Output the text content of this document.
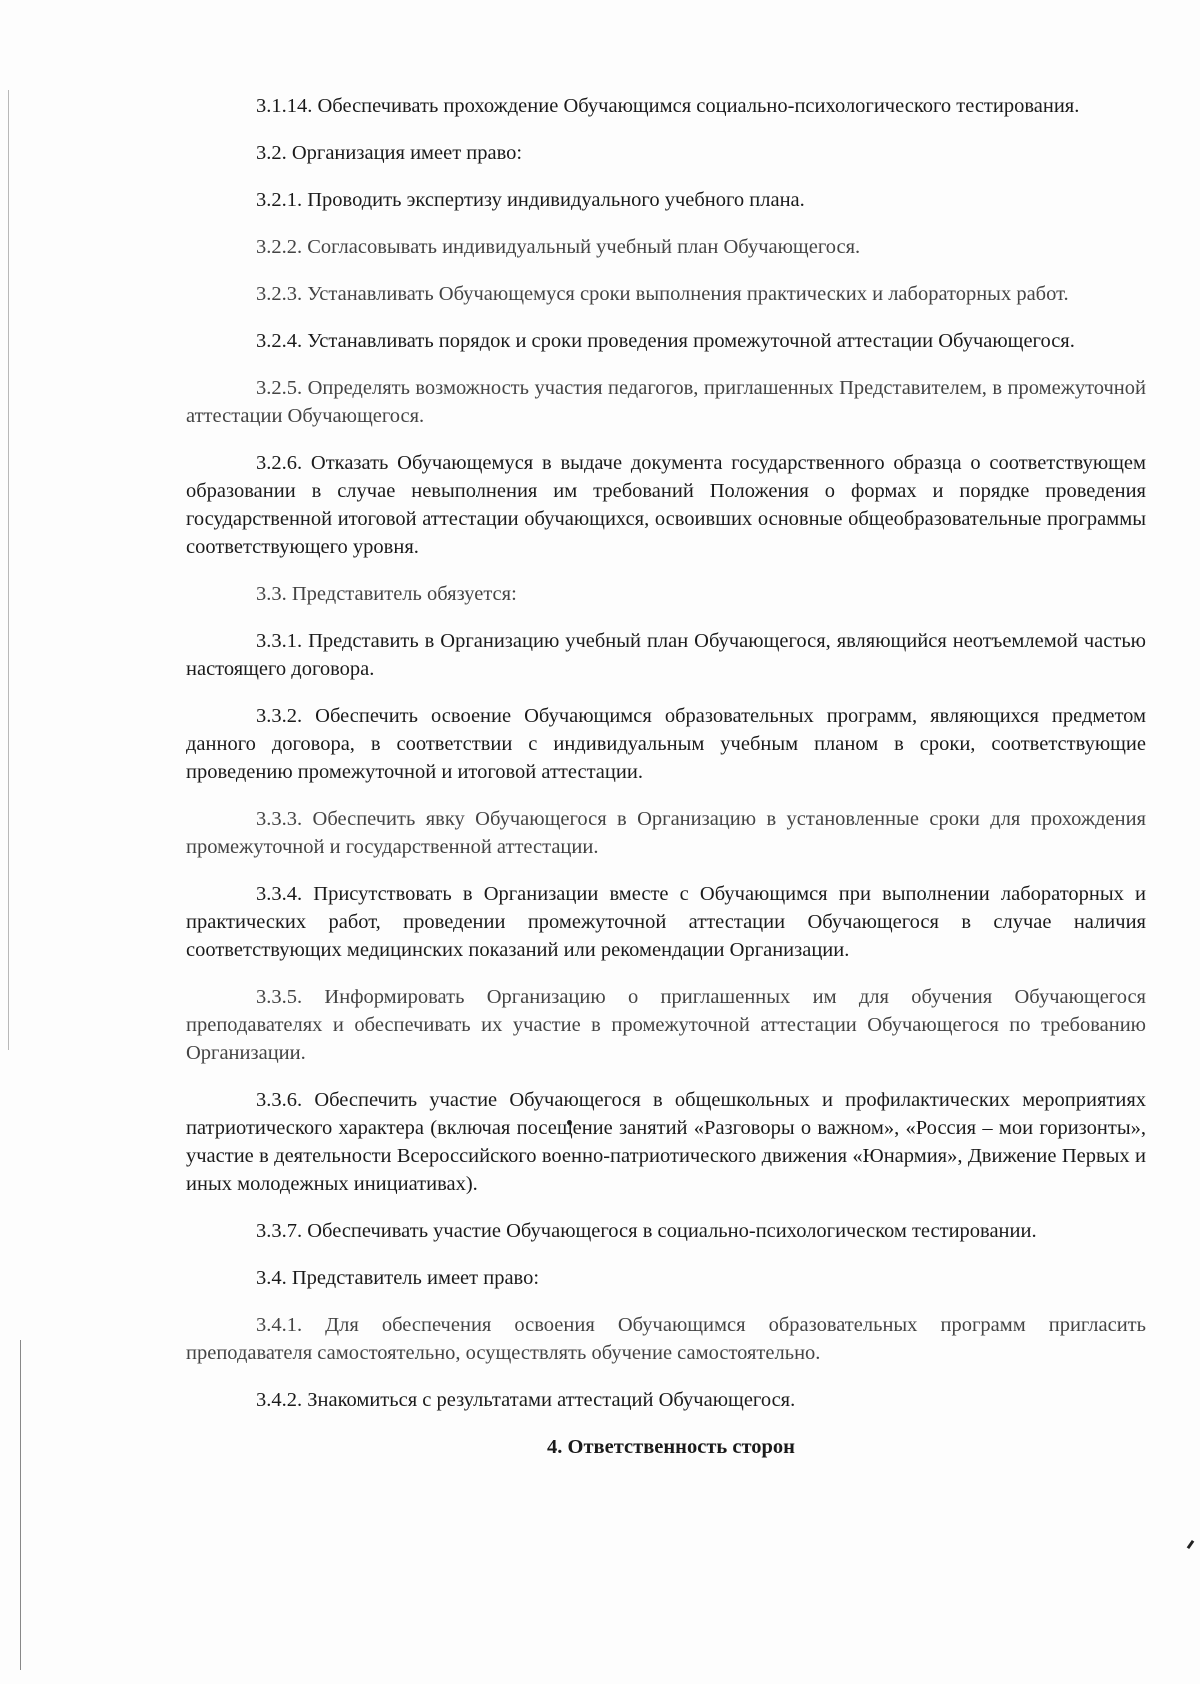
3.1.14. Обеспечивать прохождение Обучающимся социально-психологического тестирования.

3.2. Организация имеет право:

3.2.1. Проводить экспертизу индивидуального учебного плана.

3.2.2. Согласовывать индивидуальный учебный план Обучающегося.

3.2.3. Устанавливать Обучающемуся сроки выполнения практических и лабораторных работ.

3.2.4. Устанавливать порядок и сроки проведения промежуточной аттестации Обучающегося.

3.2.5. Определять возможность участия педагогов, приглашенных Представителем, в промежуточной аттестации Обучающегося.

3.2.6. Отказать Обучающемуся в выдаче документа государственного образца о соответствующем образовании в случае невыполнения им требований Положения о формах и порядке проведения государственной итоговой аттестации обучающихся, освоивших основные общеобразовательные программы соответствующего уровня.

3.3. Представитель обязуется:

3.3.1. Представить в Организацию учебный план Обучающегося, являющийся неотъемлемой частью настоящего договора.

3.3.2. Обеспечить освоение Обучающимся образовательных программ, являющихся предметом данного договора, в соответствии с индивидуальным учебным планом в сроки, соответствующие проведению промежуточной и итоговой аттестации.

3.3.3. Обеспечить явку Обучающегося в Организацию в установленные сроки для прохождения промежуточной и государственной аттестации.

3.3.4. Присутствовать в Организации вместе с Обучающимся при выполнении лабораторных и практических работ, проведении промежуточной аттестации Обучающегося в случае наличия соответствующих медицинских показаний или рекомендации Организации.

3.3.5. Информировать Организацию о приглашенных им для обучения Обучающегося преподавателях и обеспечивать их участие в промежуточной аттестации Обучающегося по требованию Организации.

3.3.6. Обеспечить участие Обучающегося в общешкольных и профилактических мероприятиях патриотического характера (включая посещение занятий «Разговоры о важном», «Россия – мои горизонты», участие в деятельности Всероссийского военно-патриотического движения «Юнармия», Движение Первых и иных молодежных инициативах).

3.3.7. Обеспечивать участие Обучающегося в социально-психологическом тестировании.

3.4. Представитель имеет право:

3.4.1. Для обеспечения освоения Обучающимся образовательных программ пригласить преподавателя самостоятельно, осуществлять обучение самостоятельно.

3.4.2. Знакомиться с результатами аттестаций Обучающегося.

4. Ответственность сторон
